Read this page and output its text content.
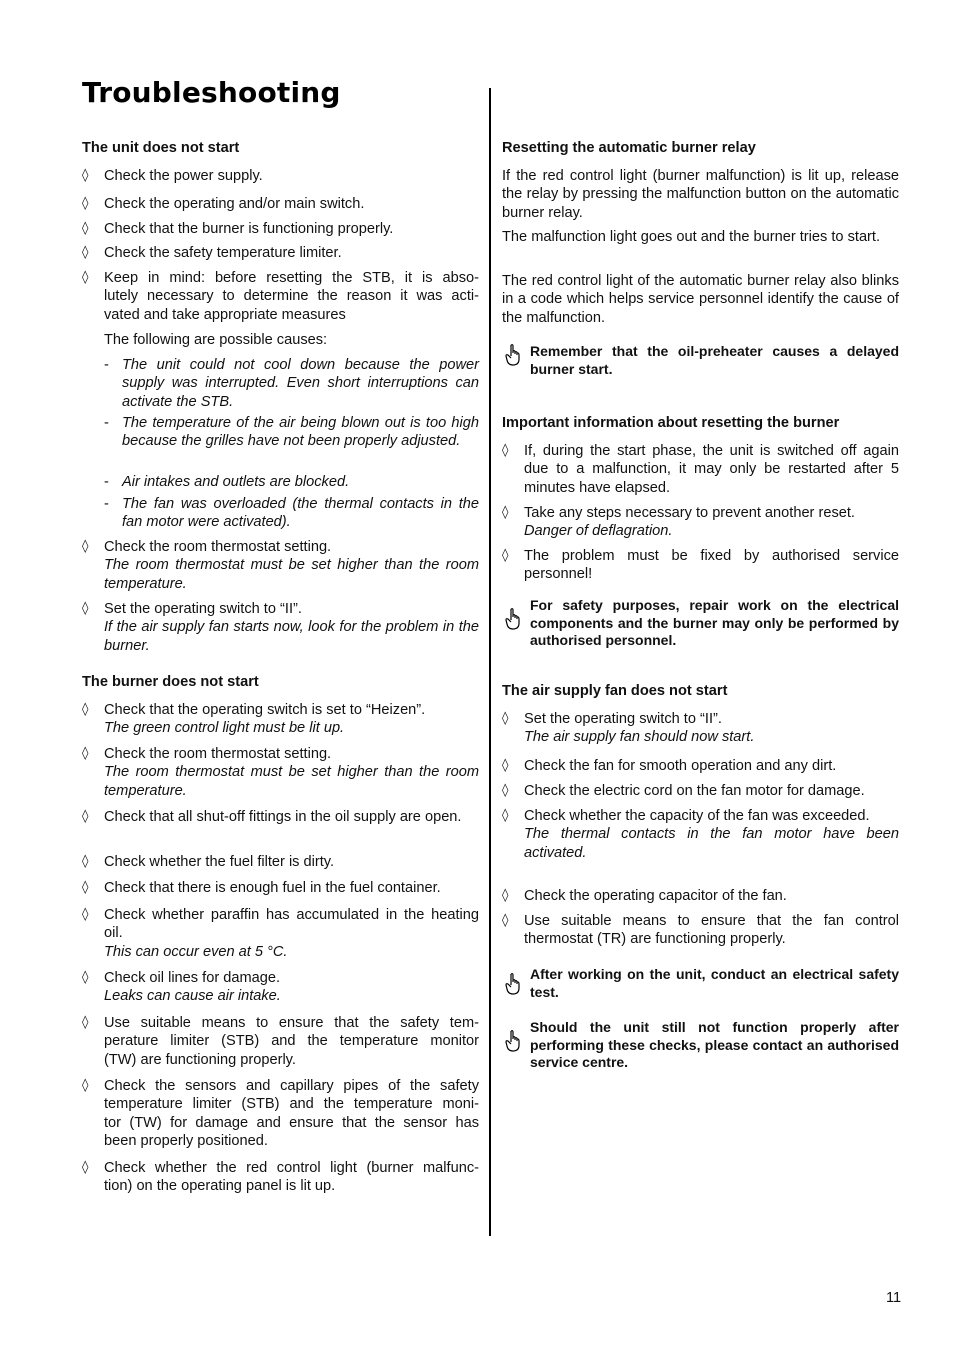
Troubleshooting
The unit does not start
◊ Check the power supply.
◊ Check the operating and/or main switch.
◊ Check that the burner is functioning properly.
◊ Check the safety temperature limiter.
◊ Keep in mind: before resetting the STB, it is abso-
lutely necessary to determine the reason it was acti-
vated and take appropriate measures
The following are possible causes:
- The unit could not cool down because the power supply was interrupted. Even short interruptions can activate the STB.
- The temperature of the air being blown out is too high because the grilles have not been properly adjusted.
- Air intakes and outlets are blocked.
- The fan was overloaded (the thermal contacts in the fan motor were activated).
◊ Check the room thermostat setting.
The room thermostat must be set higher than the room temperature.
◊ Set the operating switch to “II”.
If the air supply fan starts now, look for the problem in the burner.
The burner does not start
◊ Check that the operating switch is set to “Heizen”.
The green control light must be lit up.
◊ Check the room thermostat setting.
The room thermostat must be set higher than the room temperature.
◊ Check that all shut-off fittings in the oil supply are open.
◊ Check whether the fuel filter is dirty.
◊ Check that there is enough fuel in the fuel container.
◊ Check whether paraffin has accumulated in the heating oil.
This can occur even at 5 °C.
◊ Check oil lines for damage.
Leaks can cause air intake.
◊ Use suitable means to ensure that the safety tem-
perature limiter (STB) and the temperature monitor
(TW) are functioning properly.
◊ Check the sensors and capillary pipes of the safety
temperature limiter (STB) and the temperature moni-
tor (TW) for damage and ensure that the sensor has
been properly positioned.
◊ Check whether the red control light (burner malfunc-
tion) on the operating panel is lit up.
Resetting the automatic burner relay

If the red control light (burner malfunction) is lit up, release the relay by pressing the malfunction button on the automatic burner relay.

The malfunction light goes out and the burner tries to start.

The red control light of the automatic burner relay also blinks in a code which helps service personnel identify the cause of the malfunction.

Remember that the oil-preheater causes a delayed burner start.
Important information about resetting the burner
◊ If, during the start phase, the unit is switched off again due to a malfunction, it may only be restarted after 5 minutes have elapsed.
◊ Take any steps necessary to prevent another reset.
Danger of deflagration.
◊ The problem must be fixed by authorised service personnel!
For safety purposes, repair work on the electrical components and the burner may only be performed by authorised personnel.
The air supply fan does not start
◊ Set the operating switch to “II”.
The air supply fan should now start.
◊ Check the fan for smooth operation and any dirt.
◊ Check the electric cord on the fan motor for damage.
◊ Check whether the capacity of the fan was exceeded.
The thermal contacts in the fan motor have been activated.
◊ Check the operating capacitor of the fan.
◊ Use suitable means to ensure that the fan control thermostat (TR) are functioning properly.
After working on the unit, conduct an electrical safety test.
Should the unit still not function properly after performing these checks, please contact an authorised service centre.
11
